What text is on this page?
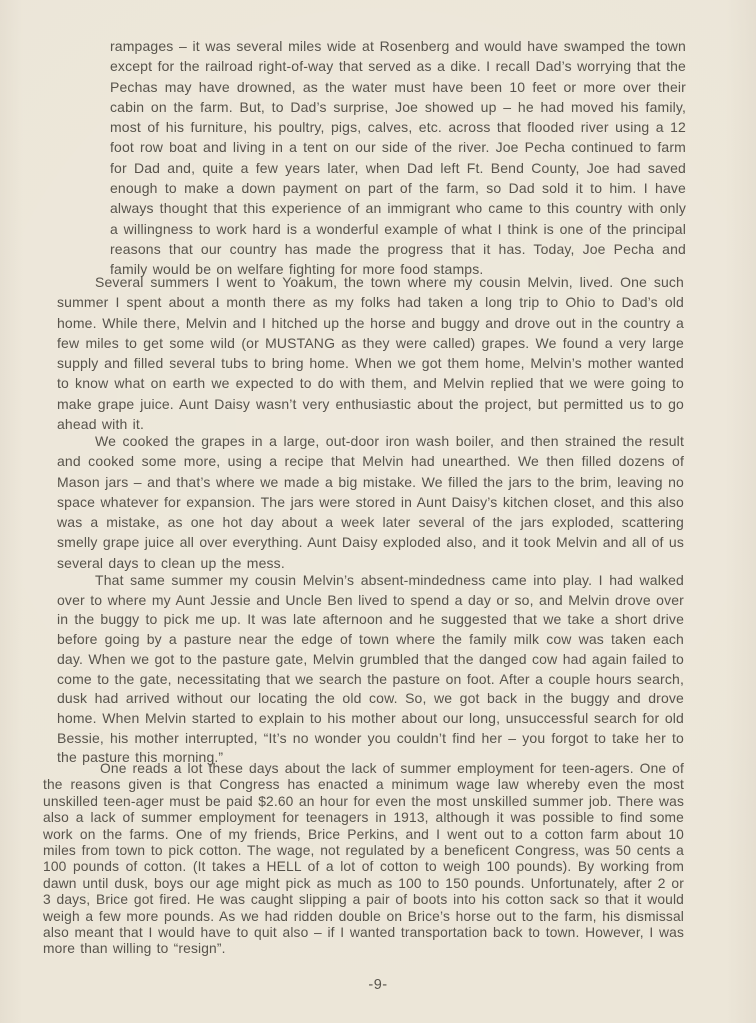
rampages – it was several miles wide at Rosenberg and would have swamped the town except for the railroad right-of-way that served as a dike. I recall Dad’s worrying that the Pechas may have drowned, as the water must have been 10 feet or more over their cabin on the farm. But, to Dad’s surprise, Joe showed up – he had moved his family, most of his furniture, his poultry, pigs, calves, etc. across that flooded river using a 12 foot row boat and living in a tent on our side of the river. Joe Pecha continued to farm for Dad and, quite a few years later, when Dad left Ft. Bend County, Joe had saved enough to make a down payment on part of the farm, so Dad sold it to him. I have always thought that this experience of an immigrant who came to this country with only a willingness to work hard is a wonderful example of what I think is one of the principal reasons that our country has made the progress that it has. Today, Joe Pecha and family would be on welfare fighting for more food stamps.

Several summers I went to Yoakum, the town where my cousin Melvin, lived. One such summer I spent about a month there as my folks had taken a long trip to Ohio to Dad’s old home. While there, Melvin and I hitched up the horse and buggy and drove out in the country a few miles to get some wild (or MUSTANG as they were called) grapes. We found a very large supply and filled several tubs to bring home. When we got them home, Melvin’s mother wanted to know what on earth we expected to do with them, and Melvin replied that we were going to make grape juice. Aunt Daisy wasn’t very enthusiastic about the project, but permitted us to go ahead with it.

We cooked the grapes in a large, out-door iron wash boiler, and then strained the result and cooked some more, using a recipe that Melvin had unearthed. We then filled dozens of Mason jars – and that’s where we made a big mistake. We filled the jars to the brim, leaving no space whatever for expansion. The jars were stored in Aunt Daisy’s kitchen closet, and this also was a mistake, as one hot day about a week later several of the jars exploded, scattering smelly grape juice all over everything. Aunt Daisy exploded also, and it took Melvin and all of us several days to clean up the mess.

That same summer my cousin Melvin’s absent-mindedness came into play. I had walked over to where my Aunt Jessie and Uncle Ben lived to spend a day or so, and Melvin drove over in the buggy to pick me up. It was late afternoon and he suggested that we take a short drive before going by a pasture near the edge of town where the family milk cow was taken each day. When we got to the pasture gate, Melvin grumbled that the danged cow had again failed to come to the gate, necessitating that we search the pasture on foot. After a couple hours search, dusk had arrived without our locating the old cow. So, we got back in the buggy and drove home. When Melvin started to explain to his mother about our long, unsuccessful search for old Bessie, his mother interrupted, “It’s no wonder you couldn’t find her – you forgot to take her to the pasture this morning.”

One reads a lot these days about the lack of summer employment for teen-agers. One of the reasons given is that Congress has enacted a minimum wage law whereby even the most unskilled teen-ager must be paid $2.60 an hour for even the most unskilled summer job. There was also a lack of summer employment for teenagers in 1913, although it was possible to find some work on the farms. One of my friends, Brice Perkins, and I went out to a cotton farm about 10 miles from town to pick cotton. The wage, not regulated by a beneficent Congress, was 50 cents a 100 pounds of cotton. (It takes a HELL of a lot of cotton to weigh 100 pounds). By working from dawn until dusk, boys our age might pick as much as 100 to 150 pounds. Unfortunately, after 2 or 3 days, Brice got fired. He was caught slipping a pair of boots into his cotton sack so that it would weigh a few more pounds. As we had ridden double on Brice’s horse out to the farm, his dismissal also meant that I would have to quit also – if I wanted transportation back to town. However, I was more than willing to “resign”.

-9-
